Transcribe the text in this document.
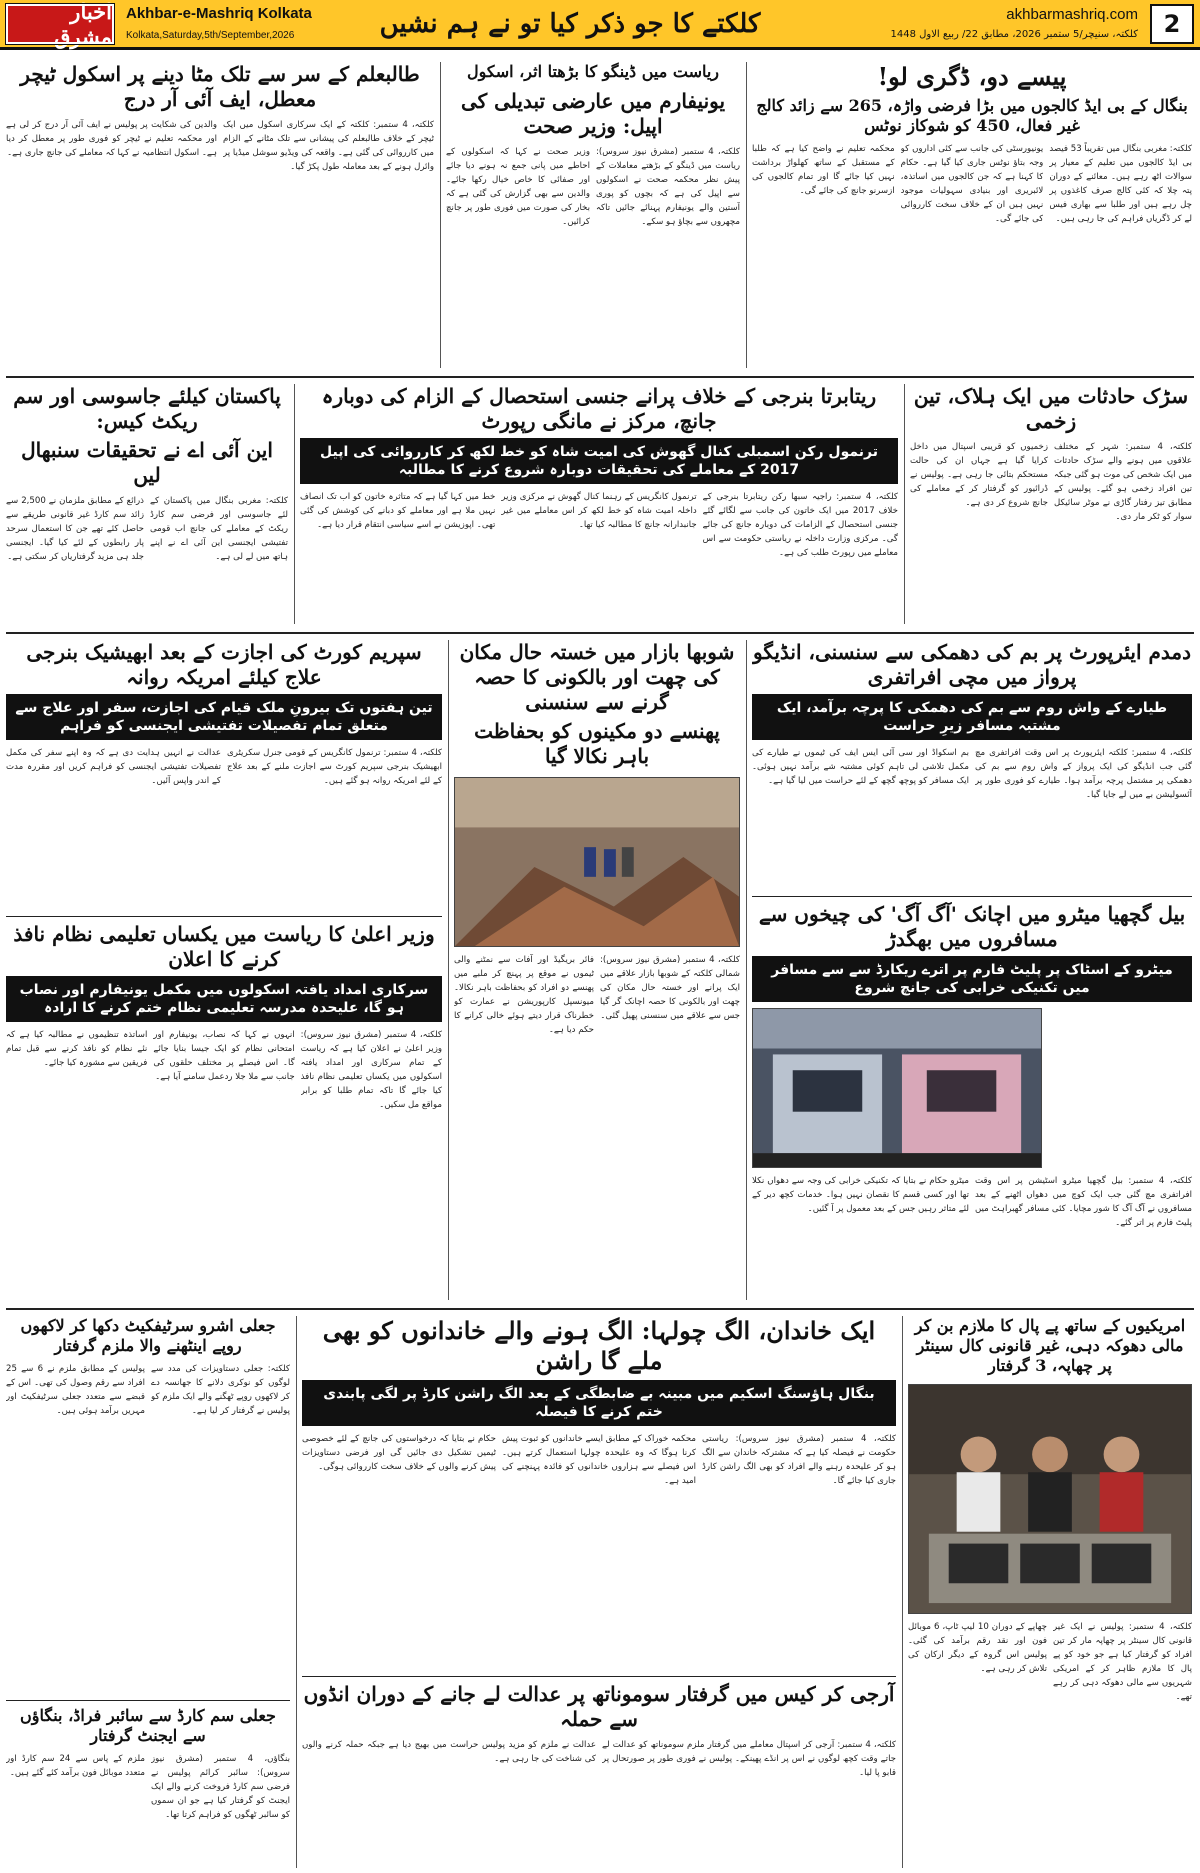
اخبار مشرق
Akhbar-e-Mashriq Kolkata
Kolkata,Saturday,5th/September,2026	کلکتے کا جو ذکر کیا تو نے ہم نشیں	akhbarmashriq.com
کلکتہ، سنیچر/5 ستمبر 2026، مطابق 22/ ربیع الاول 1448	2
پیسے دو، ڈگری لو!
بنگال کے بی ایڈ کالجوں میں بڑا فرضی واڑہ، 265 سے زائد کالج غیر فعال، 450 کو شوکاز نوٹس
کلکتہ: مغربی بنگال میں تقریباً 53 فیصد بی ایڈ کالجوں میں تعلیم کے معیار پر سوالات اٹھ رہے ہیں۔ معائنے کے دوران پتہ چلا کہ کئی کالج صرف کاغذوں پر چل رہے ہیں اور طلبا سے بھاری فیس لے کر ڈگریاں فراہم کی جا رہی ہیں۔
یونیورسٹی کی جانب سے کئی اداروں کو وجہ بتاؤ نوٹس جاری کیا گیا ہے۔ حکام کا کہنا ہے کہ جن کالجوں میں اساتذہ، لائبریری اور بنیادی سہولیات موجود نہیں ہیں ان کے خلاف سخت کارروائی کی جائے گی۔
محکمہ تعلیم نے واضح کیا ہے کہ طلبا کے مستقبل کے ساتھ کھلواڑ برداشت نہیں کیا جائے گا اور تمام کالجوں کی ازسرنو جانچ کی جائے گی۔
ریاست میں ڈینگو کا بڑھتا اثر، اسکول
یونیفارم میں عارضی تبدیلی کی اپیل: وزیر صحت
کلکتہ، 4 ستمبر (مشرق نیوز سروس): ریاست میں ڈینگو کے بڑھتے معاملات کے پیش نظر محکمہ صحت نے اسکولوں سے اپیل کی ہے کہ بچوں کو پوری آستین والے یونیفارم پہنائے جائیں تاکہ مچھروں سے بچاؤ ہو سکے۔
وزیر صحت نے کہا کہ اسکولوں کے احاطے میں پانی جمع نہ ہونے دیا جائے اور صفائی کا خاص خیال رکھا جائے۔ والدین سے بھی گزارش کی گئی ہے کہ بخار کی صورت میں فوری طور پر جانچ کرائیں۔
طالبعلم کے سر سے تلک مٹا دینے پر اسکول ٹیچر معطل، ایف آئی آر درج
کلکتہ، 4 ستمبر: کلکتہ کے ایک سرکاری اسکول میں ایک ٹیچر کے خلاف طالبعلم کی پیشانی سے تلک مٹانے کے الزام میں کارروائی کی گئی ہے۔ واقعہ کی ویڈیو سوشل میڈیا پر وائرل ہونے کے بعد معاملہ طول پکڑ گیا۔
والدین کی شکایت پر پولیس نے ایف آئی آر درج کر لی ہے اور محکمہ تعلیم نے ٹیچر کو فوری طور پر معطل کر دیا ہے۔ اسکول انتظامیہ نے کہا کہ معاملے کی جانچ جاری ہے۔
سڑک حادثات میں ایک ہلاک، تین زخمی
کلکتہ، 4 ستمبر: شہر کے مختلف علاقوں میں ہونے والے سڑک حادثات میں ایک شخص کی موت ہو گئی جبکہ تین افراد زخمی ہو گئے۔ پولیس کے مطابق تیز رفتار گاڑی نے موٹر سائیکل سوار کو ٹکر مار دی۔
زخمیوں کو قریبی اسپتال میں داخل کرایا گیا ہے جہاں ان کی حالت مستحکم بتائی جا رہی ہے۔ پولیس نے ڈرائیور کو گرفتار کر کے معاملے کی جانچ شروع کر دی ہے۔
ریتابرتا بنرجی کے خلاف پرانے جنسی استحصال کے الزام کی دوبارہ جانچ، مرکز نے مانگی رپورٹ
ترنمول رکن اسمبلی کنال گھوش کی امیت شاہ کو خط لکھ کر کارروائی کی اپیل 2017 کے معاملے کی تحقیقات دوبارہ شروع کرنے کا مطالبہ
کلکتہ، 4 ستمبر: راجیہ سبھا رکن ریتابرتا بنرجی کے خلاف 2017 میں ایک خاتون کی جانب سے لگائے گئے جنسی استحصال کے الزامات کی دوبارہ جانچ کی جائے گی۔ مرکزی وزارت داخلہ نے ریاستی حکومت سے اس معاملے میں رپورٹ طلب کی ہے۔
ترنمول کانگریس کے رہنما کنال گھوش نے مرکزی وزیر داخلہ امیت شاہ کو خط لکھ کر اس معاملے میں غیر جانبدارانہ جانچ کا مطالبہ کیا تھا۔
خط میں کہا گیا ہے کہ متاثرہ خاتون کو اب تک انصاف نہیں ملا ہے اور معاملے کو دبانے کی کوشش کی گئی تھی۔ اپوزیشن نے اسے سیاسی انتقام قرار دیا ہے۔
پاکستان کیلئے جاسوسی اور سم ریکٹ کیس:
این آئی اے نے تحقیقات سنبھال لیں
کلکتہ: مغربی بنگال میں پاکستان کے لئے جاسوسی اور فرضی سم کارڈ ریکٹ کے معاملے کی جانچ اب قومی تفتیشی ایجنسی این آئی اے نے اپنے ہاتھ میں لے لی ہے۔
ذرائع کے مطابق ملزمان نے 2,500 سے زائد سم کارڈ غیر قانونی طریقے سے حاصل کئے تھے جن کا استعمال سرحد پار رابطوں کے لئے کیا گیا۔ ایجنسی جلد ہی مزید گرفتاریاں کر سکتی ہے۔
دمدم ایئرپورٹ پر بم کی دھمکی سے سنسنی، انڈیگو پرواز میں مچی افراتفری
طیارے کے واش روم سے بم کی دھمکی کا پرچہ برآمد، ایک مشتبہ مسافر زیرِ حراست
کلکتہ، 4 ستمبر: کلکتہ ایئرپورٹ پر اس وقت افراتفری مچ گئی جب انڈیگو کی ایک پرواز کے واش روم سے بم کی دھمکی پر مشتمل پرچہ برآمد ہوا۔ طیارے کو فوری طور پر آئسولیشن بے میں لے جایا گیا۔
بم اسکواڈ اور سی آئی ایس ایف کی ٹیموں نے طیارے کی مکمل تلاشی لی تاہم کوئی مشتبہ شے برآمد نہیں ہوئی۔ ایک مسافر کو پوچھ گچھ کے لئے حراست میں لیا گیا ہے۔
بیل گچھیا میٹرو میں اچانک 'آگ آگ' کی چیخوں سے مسافروں میں بھگدڑ
میٹرو کے اسٹاک پر پلیٹ فارم پر اترے ریکارڈ سے سے مسافر میں تکنیکی خرابی کی جانچ شروع
کلکتہ، 4 ستمبر: بیل گچھیا میٹرو اسٹیشن پر اس وقت افراتفری مچ گئی جب ایک کوچ میں دھواں اٹھنے کے بعد مسافروں نے آگ آگ کا شور مچایا۔ کئی مسافر گھبراہٹ میں پلیٹ فارم پر اتر گئے۔
میٹرو حکام نے بتایا کہ تکنیکی خرابی کی وجہ سے دھواں نکلا تھا اور کسی قسم کا نقصان نہیں ہوا۔ خدمات کچھ دیر کے لئے متاثر رہیں جس کے بعد معمول پر آ گئیں۔
شوبھا بازار میں خستہ حال مکان کی چھت اور بالکونی کا حصہ گرنے سے سنسنی
پھنسے دو مکینوں کو بحفاظت باہر نکالا گیا
کلکتہ، 4 ستمبر (مشرق نیوز سروس): شمالی کلکتہ کے شوبھا بازار علاقے میں ایک پرانے اور خستہ حال مکان کی چھت اور بالکونی کا حصہ اچانک گر گیا جس سے علاقے میں سنسنی پھیل گئی۔
فائر بریگیڈ اور آفات سے نمٹنے والی ٹیموں نے موقع پر پہنچ کر ملبے میں پھنسے دو افراد کو بحفاظت باہر نکالا۔ میونسپل کارپوریشن نے عمارت کو خطرناک قرار دیتے ہوئے خالی کرانے کا حکم دیا ہے۔
سپریم کورٹ کی اجازت کے بعد ابھیشیک بنرجی علاج کیلئے امریکہ روانہ
تین ہفتوں تک بیرونِ ملک قیام کی اجازت، سفر اور علاج سے متعلق تمام تفصیلات تفتیشی ایجنسی کو فراہم
کلکتہ، 4 ستمبر: ترنمول کانگریس کے قومی جنرل سکریٹری ابھیشیک بنرجی سپریم کورٹ سے اجازت ملنے کے بعد علاج کے لئے امریکہ روانہ ہو گئے ہیں۔
عدالت نے انہیں ہدایت دی ہے کہ وہ اپنے سفر کی مکمل تفصیلات تفتیشی ایجنسی کو فراہم کریں اور مقررہ مدت کے اندر واپس آئیں۔
وزیر اعلیٰ کا ریاست میں یکساں تعلیمی نظام نافذ کرنے کا اعلان
سرکاری امداد یافتہ اسکولوں میں مکمل یونیفارم اور نصاب ہو گا، علیحدہ مدرسہ تعلیمی نظام ختم کرنے کا ارادہ
کلکتہ، 4 ستمبر (مشرق نیوز سروس): وزیر اعلیٰ نے اعلان کیا ہے کہ ریاست کے تمام سرکاری اور امداد یافتہ اسکولوں میں یکساں تعلیمی نظام نافذ کیا جائے گا تاکہ تمام طلبا کو برابر مواقع مل سکیں۔
انہوں نے کہا کہ نصاب، یونیفارم اور امتحانی نظام کو ایک جیسا بنایا جائے گا۔ اس فیصلے پر مختلف حلقوں کی جانب سے ملا جلا ردعمل سامنے آیا ہے۔
اساتذہ تنظیموں نے مطالبہ کیا ہے کہ نئے نظام کو نافذ کرنے سے قبل تمام فریقین سے مشورہ کیا جائے۔
امریکیوں کے ساتھ پے پال کا ملازم بن کر مالی دھوکہ دہی، غیر قانونی کال سینٹر پر چھاپہ، 3 گرفتار
کلکتہ، 4 ستمبر: پولیس نے ایک غیر قانونی کال سینٹر پر چھاپہ مار کر تین افراد کو گرفتار کیا ہے جو خود کو پے پال کا ملازم ظاہر کر کے امریکی شہریوں سے مالی دھوکہ دہی کر رہے تھے۔
چھاپے کے دوران 10 لیپ ٹاپ، 6 موبائل فون اور نقد رقم برآمد کی گئی۔ پولیس اس گروہ کے دیگر ارکان کی تلاش کر رہی ہے۔
ایک خاندان، الگ چولہا: الگ ہونے والے خاندانوں کو بھی ملے گا راشن
بنگال ہاؤسنگ اسکیم میں مبینہ بے ضابطگی کے بعد الگ راشن کارڈ پر لگی پابندی ختم کرنے کا فیصلہ
کلکتہ، 4 ستمبر (مشرق نیوز سروس): ریاستی حکومت نے فیصلہ کیا ہے کہ مشترکہ خاندان سے الگ ہو کر علیحدہ رہنے والے افراد کو بھی الگ راشن کارڈ جاری کیا جائے گا۔
محکمہ خوراک کے مطابق ایسے خاندانوں کو ثبوت پیش کرنا ہوگا کہ وہ علیحدہ چولہا استعمال کرتے ہیں۔ اس فیصلے سے ہزاروں خاندانوں کو فائدہ پہنچنے کی امید ہے۔
حکام نے بتایا کہ درخواستوں کی جانچ کے لئے خصوصی ٹیمیں تشکیل دی جائیں گی اور فرضی دستاویزات پیش کرنے والوں کے خلاف سخت کارروائی ہوگی۔
آرجی کر کیس میں گرفتار سوموناتھ پر عدالت لے جانے کے دوران انڈوں سے حملہ
کلکتہ، 4 ستمبر: آرجی کر اسپتال معاملے میں گرفتار ملزم سوموناتھ کو عدالت لے جاتے وقت کچھ لوگوں نے اس پر انڈے پھینکے۔ پولیس نے فوری طور پر صورتحال پر قابو پا لیا۔
عدالت نے ملزم کو مزید پولیس حراست میں بھیج دیا ہے جبکہ حملہ کرنے والوں کی شناخت کی جا رہی ہے۔
جعلی اشرو سرٹیفکیٹ دکھا کر لاکھوں روپے اینٹھنے والا ملزم گرفتار
کلکتہ: جعلی دستاویزات کی مدد سے لوگوں کو نوکری دلانے کا جھانسہ دے کر لاکھوں روپے ٹھگنے والے ایک ملزم کو پولیس نے گرفتار کر لیا ہے۔
پولیس کے مطابق ملزم نے 6 سے 25 افراد سے رقم وصول کی تھی۔ اس کے قبضے سے متعدد جعلی سرٹیفکیٹ اور مہریں برآمد ہوئی ہیں۔
جعلی سم کارڈ سے سائبر فراڈ، بنگاؤں سے ایجنٹ گرفتار
بنگاؤں، 4 ستمبر (مشرق نیوز سروس): سائبر کرائم پولیس نے فرضی سم کارڈ فروخت کرنے والے ایک ایجنٹ کو گرفتار کیا ہے جو ان سموں کو سائبر ٹھگوں کو فراہم کرتا تھا۔
ملزم کے پاس سے 24 سم کارڈ اور متعدد موبائل فون برآمد کئے گئے ہیں۔
